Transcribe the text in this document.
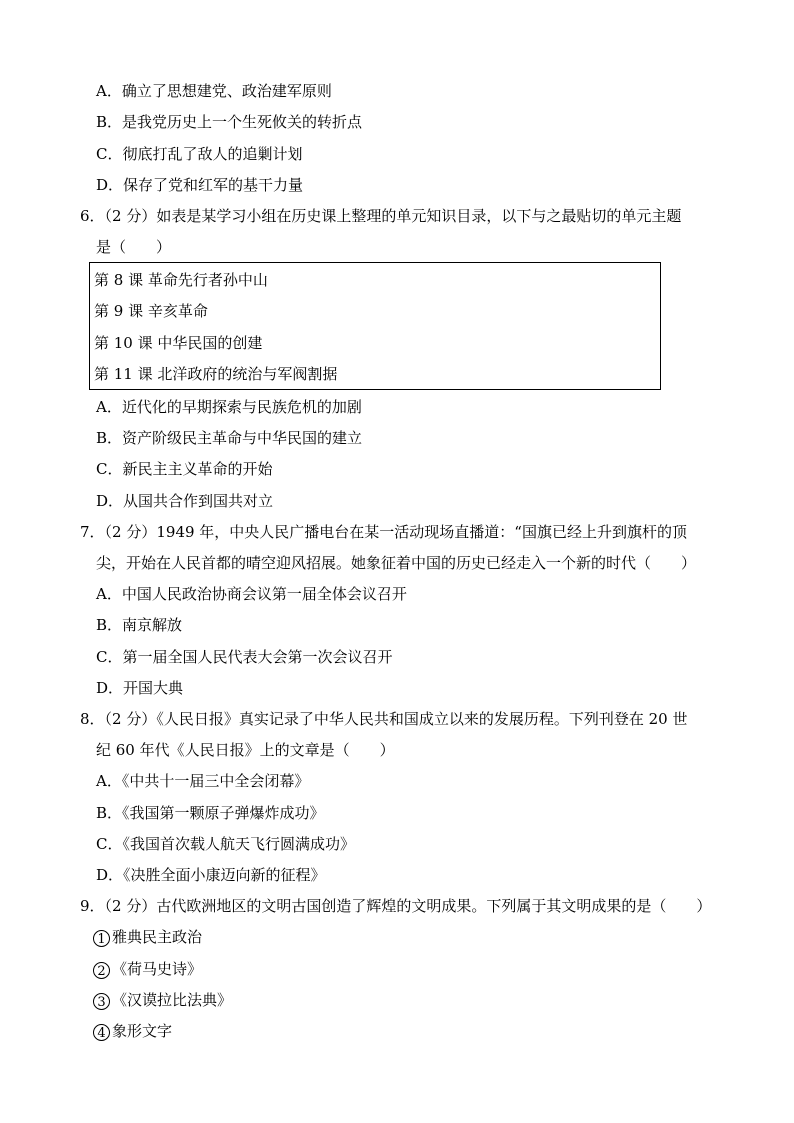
A．确立了思想建党、政治建军原则
B．是我党历史上一个生死攸关的转折点
C．彻底打乱了敌人的追剿计划
D．保存了党和红军的基干力量
6．（2 分）如表是某学习小组在历史课上整理的单元知识目录，以下与之最贴切的单元主题
是（　　）
第 8 课 革命先行者孙中山
第 9 课 辛亥革命
第 10 课 中华民国的创建
第 11 课 北洋政府的统治与军阀割据
A．近代化的早期探索与民族危机的加剧
B．资产阶级民主革命与中华民国的建立
C．新民主主义革命的开始
D．从国共合作到国共对立
7．（2 分）1949 年，中央人民广播电台在某一活动现场直播道：“国旗已经上升到旗杆的顶
尖，开始在人民首都的晴空迎风招展。她象征着中国的历史已经走入一个新的时代（　　）
A．中国人民政治协商会议第一届全体会议召开
B．南京解放
C．第一届全国人民代表大会第一次会议召开
D．开国大典
8．（2 分）《人民日报》真实记录了中华人民共和国成立以来的发展历程。下列刊登在 20 世
纪 60 年代《人民日报》上的文章是（　　）
A．《中共十一届三中全会闭幕》
B．《我国第一颗原子弹爆炸成功》
C．《我国首次载人航天飞行圆满成功》
D．《决胜全面小康迈向新的征程》
9．（2 分）古代欧洲地区的文明古国创造了辉煌的文明成果。下列属于其文明成果的是（　　）
1 雅典民主政治
2 《荷马史诗》
3 《汉谟拉比法典》
4 象形文字
